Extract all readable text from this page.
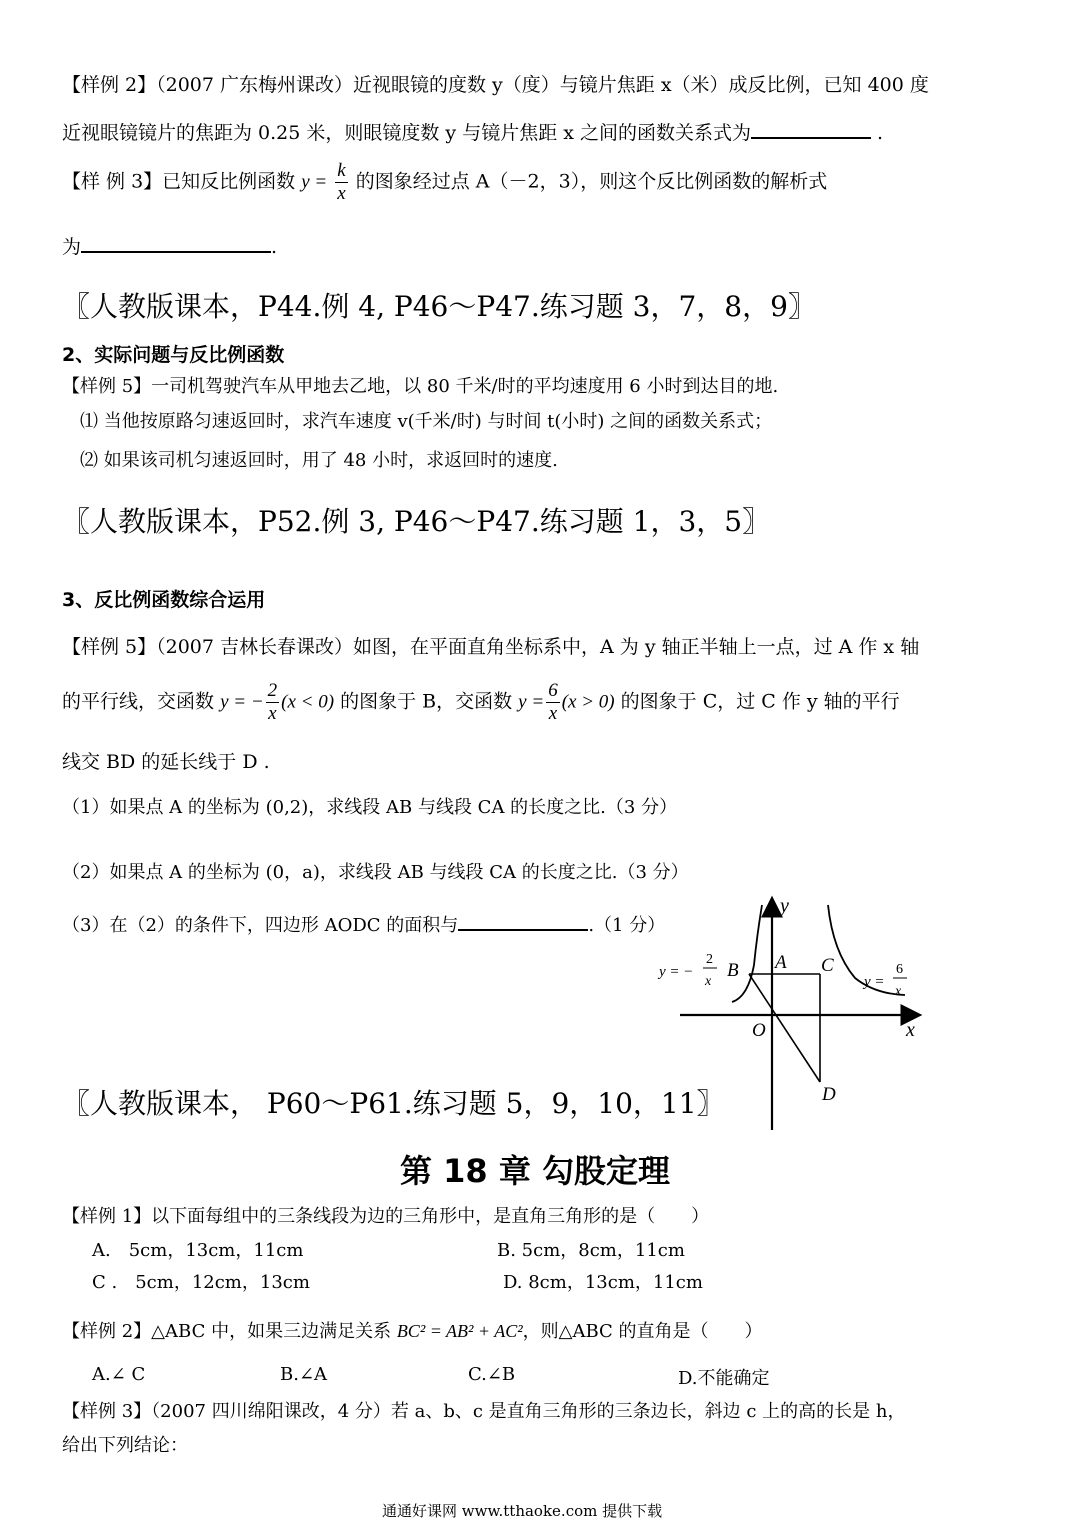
【样例 2】（2007 广东梅州课改）近视眼镜的度数 y（度）与镜片焦距 x（米）成反比例，已知 400 度
近视眼镜镜片的焦距为 0.25 米，则眼镜度数 y 与镜片焦距 x 之间的函数关系式为	.
【样 例 3】已知反比例函数 $y = \frac{k}{x}$ 的图象经过点 A（－2，3），则这个反比例函数的解析式
为	.
〖人教版课本，P44.例 4, P46～P47.练习题 3，7，8，9〗
2、实际问题与反比例函数
【样例 5】一司机驾驶汽车从甲地去乙地，以 80 千米/时的平均速度用 6 小时到达目的地.
⑴ 当他按原路匀速返回时，求汽车速度 v(千米/时) 与时间 t(小时) 之间的函数关系式；
⑵ 如果该司机匀速返回时，用了 48 小时，求返回时的速度.
〖人教版课本，P52.例 3, P46～P47.练习题 1，3，5〗
3、反比例函数综合运用
【样例 5】（2007 吉林长春课改）如图，在平面直角坐标系中，A 为 y 轴正半轴上一点，过 A 作 x 轴
的平行线，交函数 y = − $\frac{2}{x} (x < 0)$ 的图象于 B，交函数 $y = \frac{6}{x} (x > 0)$ 的图象于 C，过 C 作 y 轴的平行
线交 BD 的延长线于 D .
（1）如果点 A 的坐标为 (0,2)，求线段 AB 与线段 CA 的长度之比.（3 分）
（2）如果点 A 的坐标为 (0，a)，求线段 AB 与线段 CA 的长度之比.（3 分）
（3）在（2）的条件下，四边形 AODC 的面积与	.（1 分）
y = −
2
x	y =
6
x
B A C
O
D
x
y
〖人教版课本， P60～P61.练习题 5，9，10，11〗
第 18 章 勾股定理
【样例 1】以下面每组中的三条线段为边的三角形中，是直角三角形的是（　　）
A.　5cm，13cm，11cm	B. 5cm，8cm，11cm
C .　5cm，12cm，13cm	D. 8cm，13cm，11cm
【样例 2】△ABC 中，如果三边满足关系 BC² = AB² + AC²，则△ABC 的直角是（　　）
A.∠ C	B.∠A	C.∠B	D.不能确定
【样例 3】（2007 四川绵阳课改，4 分）若 a、b、c 是直角三角形的三条边长，斜边 c 上的高的长是 h，
给出下列结论：
通通好课网 www.tthaoke.com 提供下载
